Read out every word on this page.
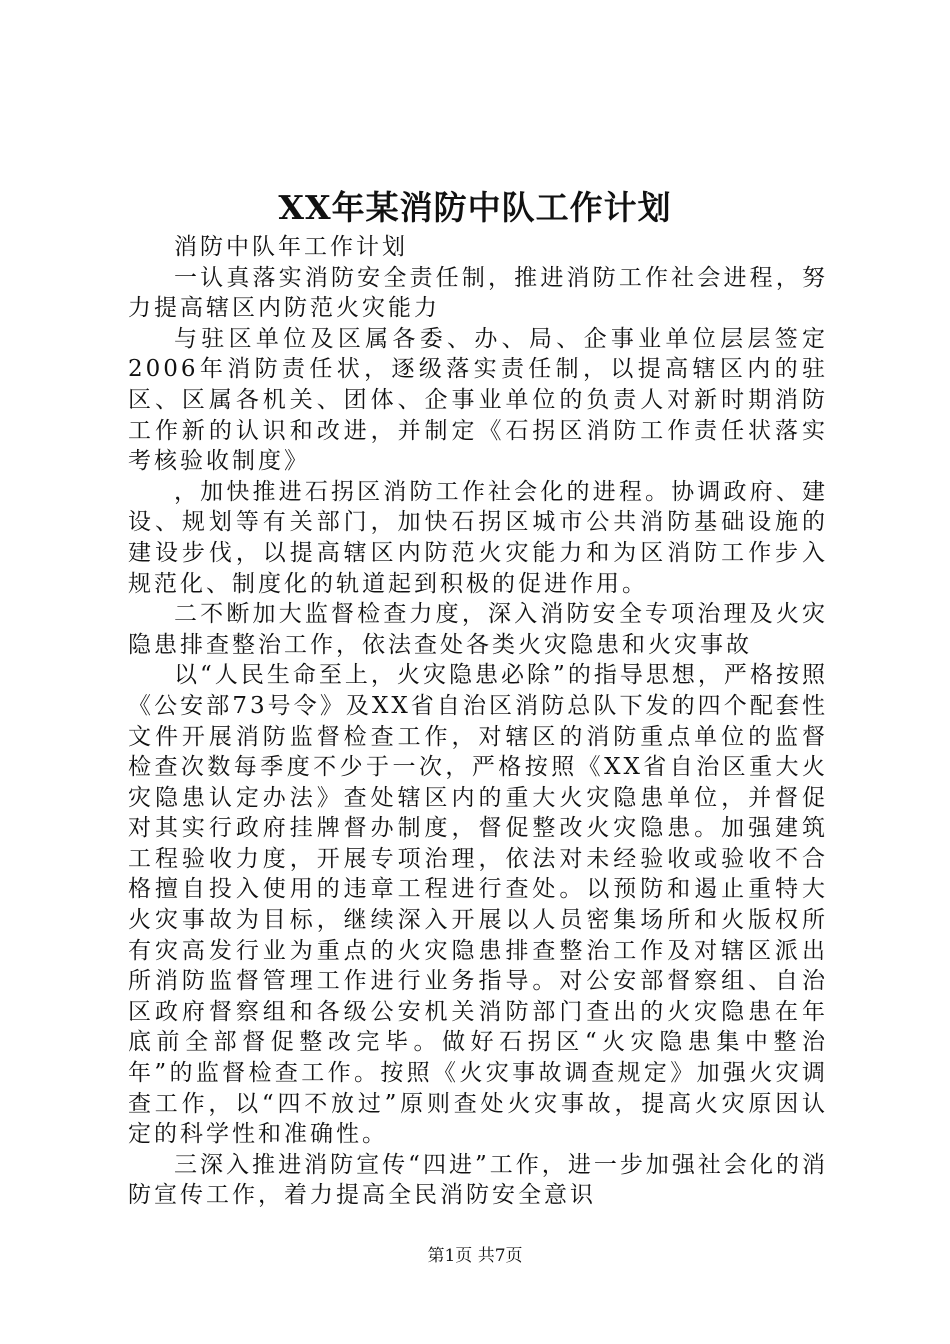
XX年某消防中队工作计划

消防中队年工作计划

一认真落实消防安全责任制，推进消防工作社会进程，努力提高辖区内防范火灾能力

与驻区单位及区属各委、办、局、企事业单位层层签定2006年消防责任状，逐级落实责任制，以提高辖区内的驻区、区属各机关、团体、企事业单位的负责人对新时期消防工作新的认识和改进，并制定《石拐区消防工作责任状落实考核验收制度》

，加快推进石拐区消防工作社会化的进程。协调政府、建设、规划等有关部门，加快石拐区城市公共消防基础设施的建设步伐，以提高辖区内防范火灾能力和为区消防工作步入规范化、制度化的轨道起到积极的促进作用。

二不断加大监督检查力度，深入消防安全专项治理及火灾隐患排查整治工作，依法查处各类火灾隐患和火灾事故

以“人民生命至上，火灾隐患必除”的指导思想，严格按照《公安部73号令》及XX省自治区消防总队下发的四个配套性文件开展消防监督检查工作，对辖区的消防重点单位的监督检查次数每季度不少于一次，严格按照《XX省自治区重大火灾隐患认定办法》查处辖区内的重大火灾隐患单位，并督促对其实行政府挂牌督办制度，督促整改火灾隐患。加强建筑工程验收力度，开展专项治理，依法对未经验收或验收不合格擅自投入使用的违章工程进行查处。以预防和遏止重特大火灾事故为目标，继续深入开展以人员密集场所和火版权所有灾高发行业为重点的火灾隐患排查整治工作及对辖区派出所消防监督管理工作进行业务指导。对公安部督察组、自治区政府督察组和各级公安机关消防部门查出的火灾隐患在年底前全部督促整改完毕。做好石拐区“火灾隐患集中整治年”的监督检查工作。按照《火灾事故调查规定》加强火灾调查工作，以“四不放过”原则查处火灾事故，提高火灾原因认定的科学性和准确性。

三深入推进消防宣传“四进”工作，进一步加强社会化的消防宣传工作，着力提高全民消防安全意识

第1页 共7页
